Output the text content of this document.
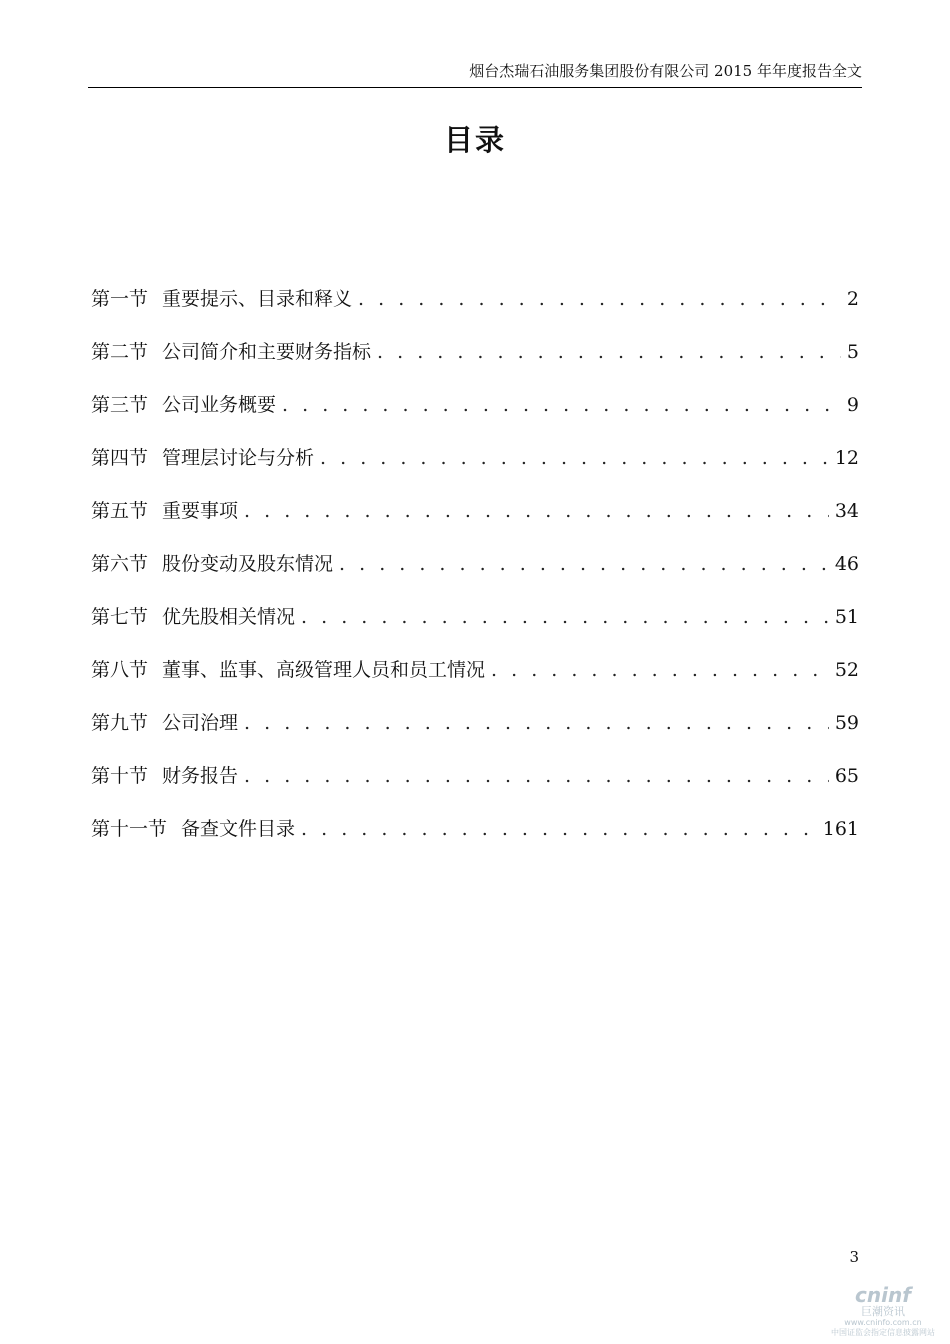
烟台杰瑞石油服务集团股份有限公司 2015 年年度报告全文
目录
第一节 重要提示、目录和释义 . . .	2
第二节 公司简介和主要财务指标 . . .	5
第三节 公司业务概要 . . .	9
第四节 管理层讨论与分析 . . .	12
第五节 重要事项 . . .	34
第六节 股份变动及股东情况 . . .	46
第七节 优先股相关情况 . . .	51
第八节 董事、监事、高级管理人员和员工情况 . . .	52
第九节 公司治理 . . .	59
第十节 财务报告 . . .	65
第十一节 备查文件目录 . . .	161
3
cninf
巨潮资讯
www.cninfo.com.cn
中国证监会指定信息披露网站
